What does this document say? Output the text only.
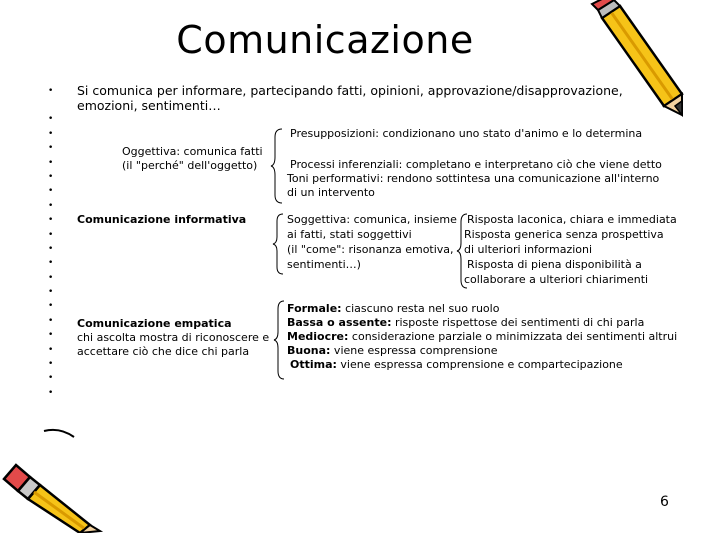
Comunicazione
•
•
•
•
•
•
•
•
•
•
•
•
•
•
•
•
•
•
•
•
•
Si comunica per informare, partecipando fatti, opinioni, approvazione/disapprovazione, emozioni, sentimenti…
Oggettiva: comunica fatti
(il "perché" dell'oggetto)
Presupposizioni: condizionano uno stato d'animo e lo determina
Processi inferenziali: completano e interpretano ciò che viene detto
Toni performativi: rendono sottintesa una comunicazione all'interno
di un intervento
Comunicazione informativa	Soggettiva: comunica, insieme
ai fatti, stati soggettivi
(il "come": risonanza emotiva,
sentimenti…)
Risposta laconica, chiara e immediata
Risposta generica senza prospettiva
di ulteriori informazioni
Risposta di piena disponibilità a
collaborare a ulteriori chiarimenti
Comunicazione empatica
chi ascolta mostra di riconoscere e
accettare ciò che dice chi parla
Formale: ciascuno resta nel suo ruolo
Bassa o assente: risposte rispettose dei sentimenti di chi parla
Mediocre: considerazione parziale o minimizzata dei sentimenti altrui
Buona: viene espressa comprensione
Ottima: viene espressa comprensione e compartecipazione
6
